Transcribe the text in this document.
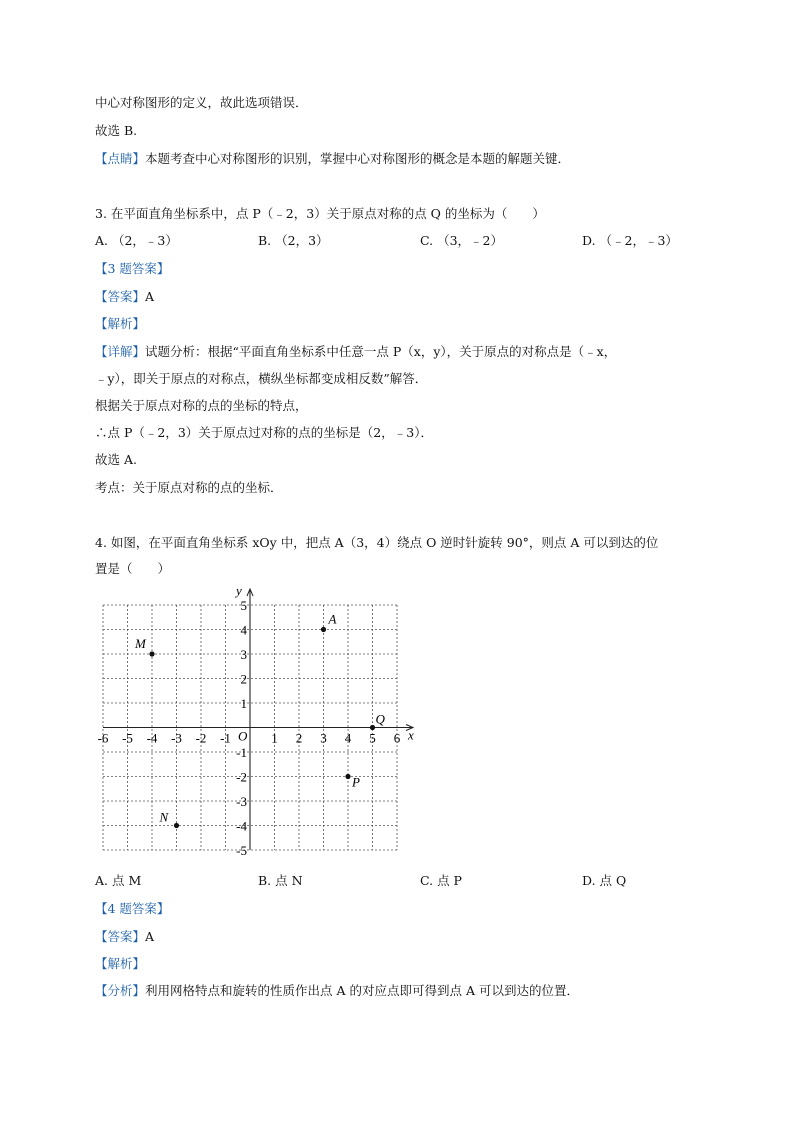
中心对称图形的定义，故此选项错误．
故选 B.
【点睛】本题考查中心对称图形的识别，掌握中心对称图形的概念是本题的解题关键．
3. 在平面直角坐标系中，点 P（﹣2，3）关于原点对称的点 Q 的坐标为（　　）
A. （2，﹣3）	B. （2，3）	C. （3，﹣2）	D. （﹣2，﹣3）
【3 题答案】
【答案】A
【解析】
【详解】试题分析：根据“平面直角坐标系中任意一点 P（x，y），关于原点的对称点是（﹣x，
﹣y），即关于原点的对称点，横纵坐标都变成相反数”解答．
根据关于原点对称的点的坐标的特点，
∴点 P（﹣2，3）关于原点过对称的点的坐标是（2，﹣3）．
故选 A.
考点：关于原点对称的点的坐标．
4. 如图，在平面直角坐标系 xOy 中，把点 A（3，4）绕点 O 逆时针旋转 90°，则点 A 可以到达的位
置是（　　）
x
y
O
-6 -5 -4 -3 -2 -1	1 2 3 4 5 6
5
4
3
2
1
-1
-2
-3
-4
-5
A
M
Q
P
N
A. 点 M	B. 点 N	C. 点 P	D. 点 Q
【4 题答案】
【答案】A
【解析】
【分析】利用网格特点和旋转的性质作出点 A 的对应点即可得到点 A 可以到达的位置．
